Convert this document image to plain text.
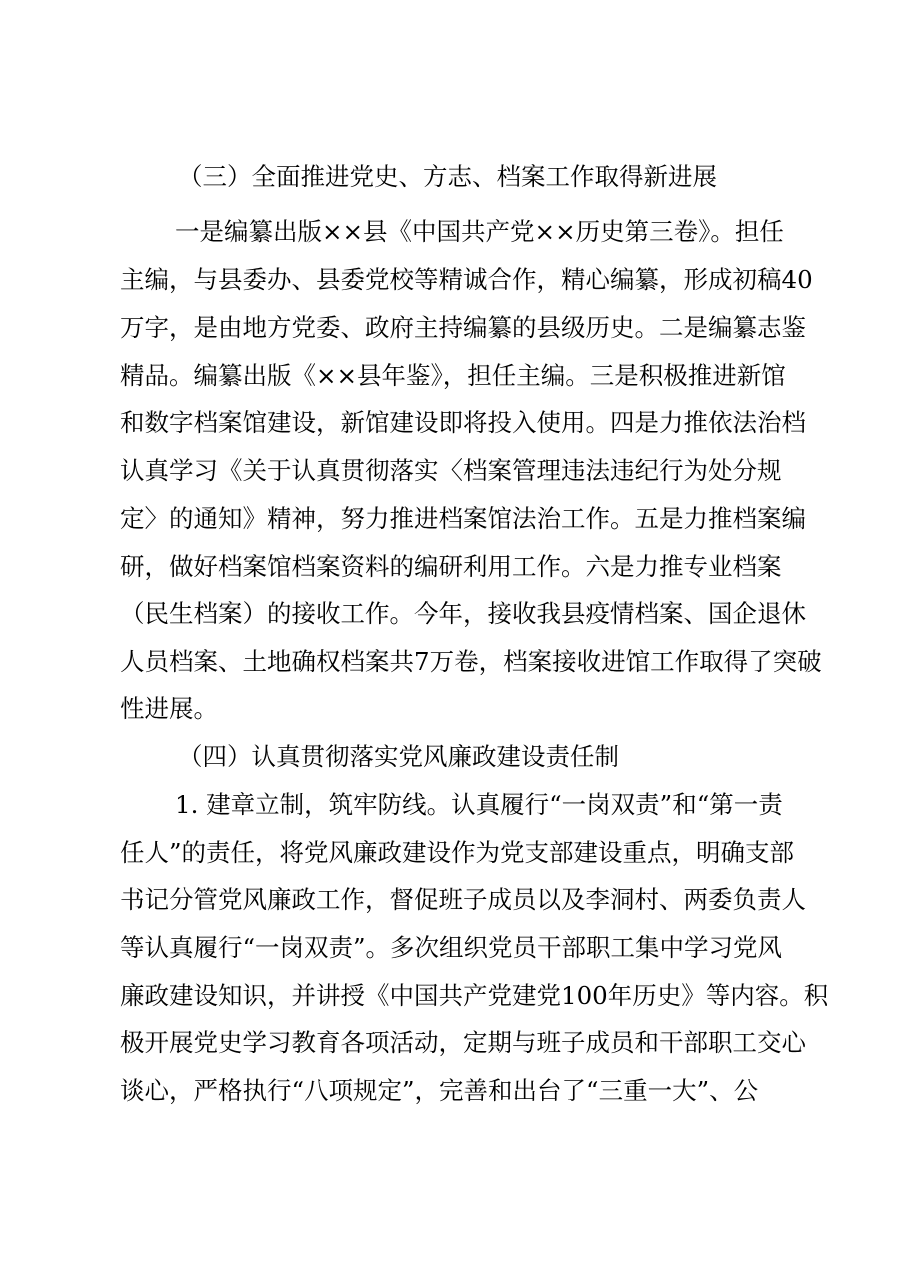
（三）全面推进党史、方志、档案工作取得新进展

一是编纂出版××县《中国共产党××历史第三卷》。担任

主编，与县委办、县委党校等精诚合作，精心编纂，形成初稿40

万字，是由地方党委、政府主持编纂的县级历史。二是编纂志鉴

精品。编纂出版《××县年鉴》，担任主编。三是积极推进新馆

和数字档案馆建设，新馆建设即将投入使用。四是力推依法治档

认真学习《关于认真贯彻落实〈档案管理违法违纪行为处分规

定〉的通知》精神，努力推进档案馆法治工作。五是力推档案编

研，做好档案馆档案资料的编研利用工作。六是力推专业档案

（民生档案）的接收工作。今年，接收我县疫情档案、国企退休

人员档案、土地确权档案共7万卷，档案接收进馆工作取得了突破

性进展。

（四）认真贯彻落实党风廉政建设责任制

1. 建章立制，筑牢防线。认真履行“一岗双责”和“第一责

任人”的责任，将党风廉政建设作为党支部建设重点，明确支部

书记分管党风廉政工作，督促班子成员以及李洞村、两委负责人

等认真履行“一岗双责”。多次组织党员干部职工集中学习党风

廉政建设知识，并讲授《中国共产党建党100年历史》等内容。积

极开展党史学习教育各项活动，定期与班子成员和干部职工交心

谈心，严格执行“八项规定”，完善和出台了“三重一大”、公
